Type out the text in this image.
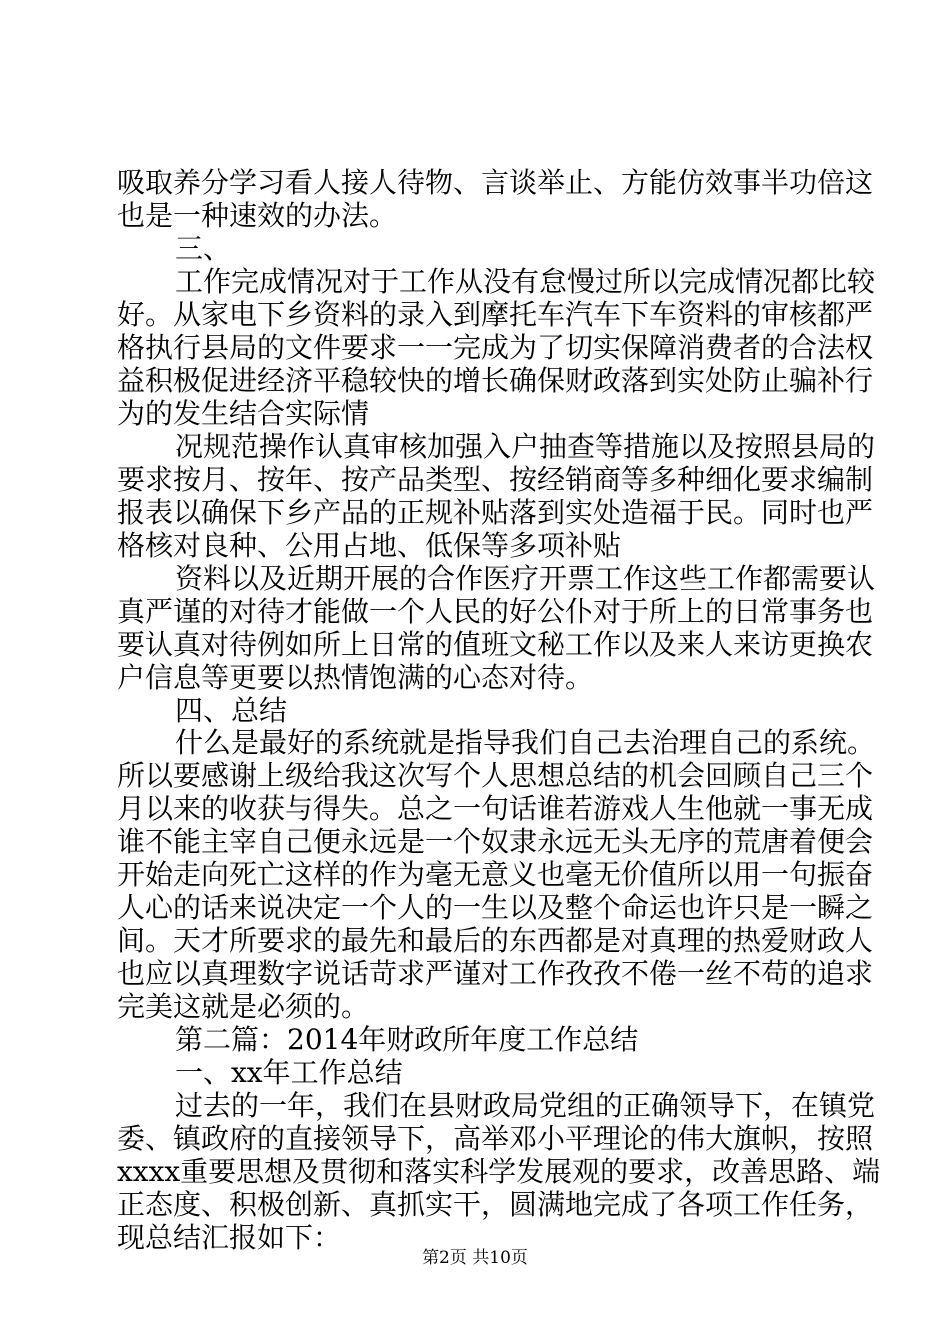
吸取养分学习看人接人待物、言谈举止、方能仿效事半功倍这
也是一种速效的办法。
三、
工作完成情况对于工作从没有怠慢过所以完成情况都比较
好。从家电下乡资料的录入到摩托车汽车下车资料的审核都严
格执行县局的文件要求一一完成为了切实保障消费者的合法权
益积极促进经济平稳较快的增长确保财政落到实处防止骗补行
为的发生结合实际情
况规范操作认真审核加强入户抽查等措施以及按照县局的
要求按月、按年、按产品类型、按经销商等多种细化要求编制
报表以确保下乡产品的正规补贴落到实处造福于民。同时也严
格核对良种、公用占地、低保等多项补贴
资料以及近期开展的合作医疗开票工作这些工作都需要认
真严谨的对待才能做一个人民的好公仆对于所上的日常事务也
要认真对待例如所上日常的值班文秘工作以及来人来访更换农
户信息等更要以热情饱满的心态对待。
四、总结
什么是最好的系统就是指导我们自己去治理自己的系统。
所以要感谢上级给我这次写个人思想总结的机会回顾自己三个
月以来的收获与得失。总之一句话谁若游戏人生他就一事无成
谁不能主宰自己便永远是一个奴隶永远无头无序的荒唐着便会
开始走向死亡这样的作为毫无意义也毫无价值所以用一句振奋
人心的话来说决定一个人的一生以及整个命运也许只是一瞬之
间。天才所要求的最先和最后的东西都是对真理的热爱财政人
也应以真理数字说话苛求严谨对工作孜孜不倦一丝不苟的追求
完美这就是必须的。
第二篇：2014年财政所年度工作总结
一、xx年工作总结
过去的一年，我们在县财政局党组的正确领导下，在镇党
委、镇政府的直接领导下，高举邓小平理论的伟大旗帜，按照
xxxx重要思想及贯彻和落实科学发展观的要求，改善思路、端
正态度、积极创新、真抓实干，圆满地完成了各项工作任务，
现总结汇报如下：
第2页 共10页
